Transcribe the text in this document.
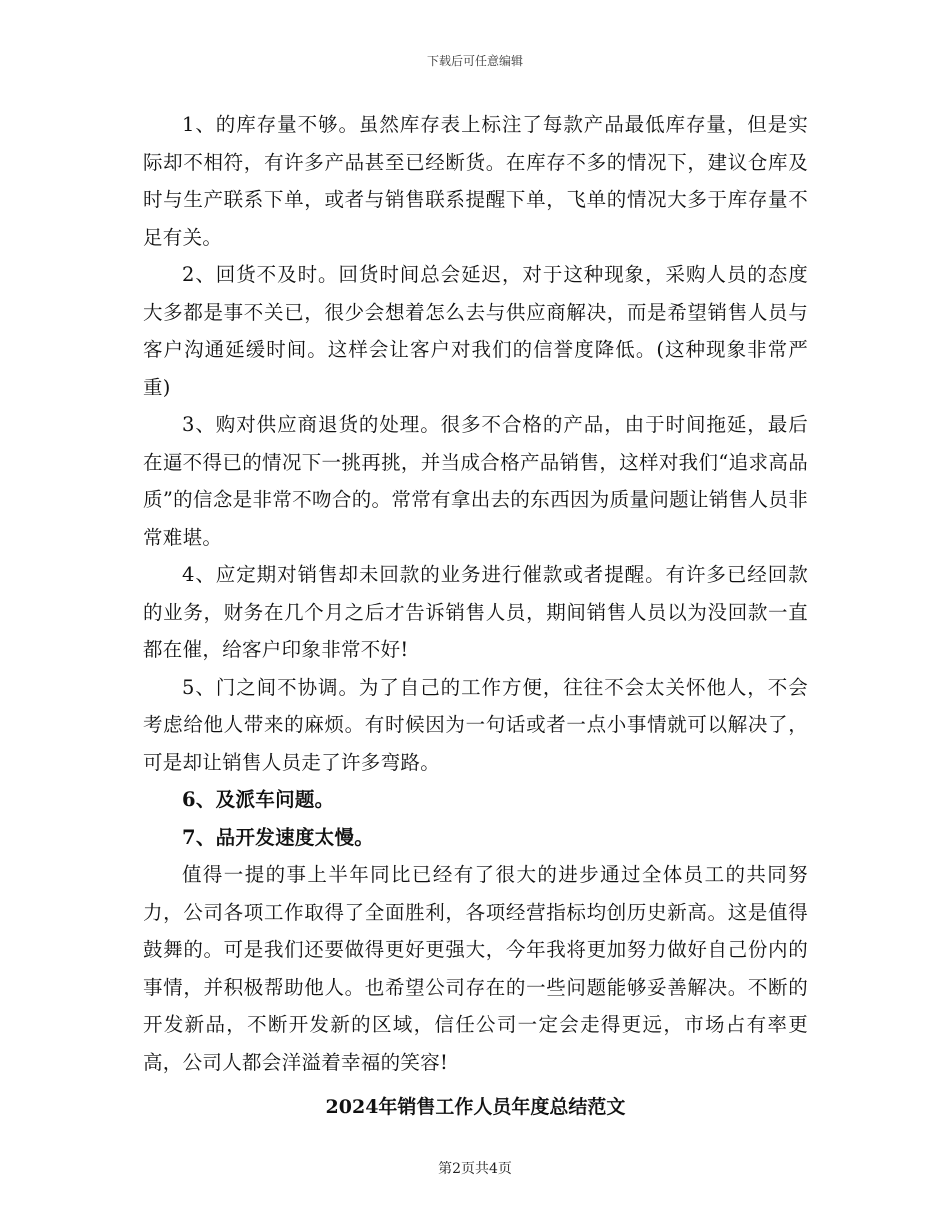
下载后可任意编辑

1、的库存量不够。虽然库存表上标注了每款产品最低库存量，但是实际却不相符，有许多产品甚至已经断货。在库存不多的情况下，建议仓库及时与生产联系下单，或者与销售联系提醒下单，飞单的情况大多于库存量不足有关。

2、回货不及时。回货时间总会延迟，对于这种现象，采购人员的态度大多都是事不关已，很少会想着怎么去与供应商解决，而是希望销售人员与客户沟通延缓时间。这样会让客户对我们的信誉度降低。(这种现象非常严重)

3、购对供应商退货的处理。很多不合格的产品，由于时间拖延，最后在逼不得已的情况下一挑再挑，并当成合格产品销售，这样对我们“追求高品质”的信念是非常不吻合的。常常有拿出去的东西因为质量问题让销售人员非常难堪。

4、应定期对销售却未回款的业务进行催款或者提醒。有许多已经回款的业务，财务在几个月之后才告诉销售人员，期间销售人员以为没回款一直都在催，给客户印象非常不好!

5、门之间不协调。为了自己的工作方便，往往不会太关怀他人，不会考虑给他人带来的麻烦。有时候因为一句话或者一点小事情就可以解决了，可是却让销售人员走了许多弯路。

6、及派车问题。

7、品开发速度太慢。

值得一提的事上半年同比已经有了很大的进步通过全体员工的共同努力，公司各项工作取得了全面胜利，各项经营指标均创历史新高。这是值得鼓舞的。可是我们还要做得更好更强大，今年我将更加努力做好自己份内的事情，并积极帮助他人。也希望公司存在的一些问题能够妥善解决。不断的开发新品，不断开发新的区域，信任公司一定会走得更远，市场占有率更高，公司人都会洋溢着幸福的笑容!

2024年销售工作人员年度总结范文

第2页共4页
